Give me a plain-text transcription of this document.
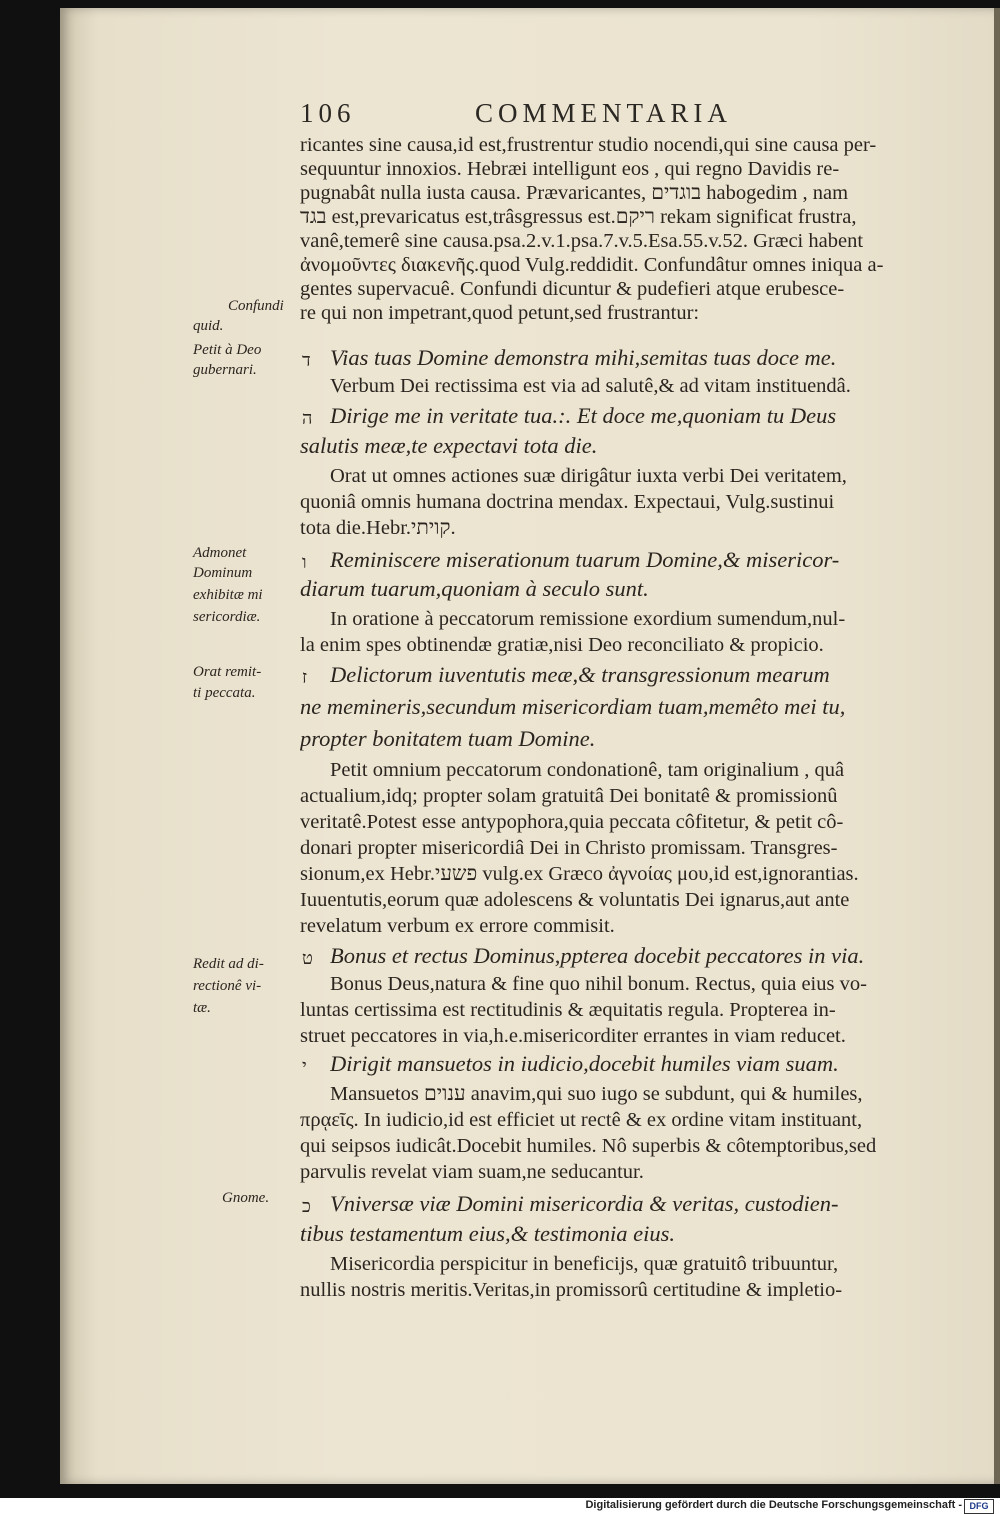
106	COMMENTARIA
ricantes sine causa,id est,frustrentur studio nocendi,qui sine causa per-
sequuntur innoxios. Hebræi intelligunt eos , qui regno Davidis re-
pugnabât nulla iusta causa. Prævaricantes, בוגדים habogedim , nam
בגד est,prevaricatus est,trâsgressus est.ריקם rekam significat frustra,
vanê,temerê sine causa.psa.2.v.1.psa.7.v.5.Esa.55.v.52. Græci habent
ἀνομοῦντες διακενῆς.quod Vulg.reddidit. Confundâtur omnes iniqua a-
gentes supervacuê. Confundi dicuntur & pudefieri atque erubesce-
re qui non impetrant,quod petunt,sed frustrantur:
Vias tuas Domine demonstra mihi,semitas tuas doce me.
Verbum Dei rectissima est via ad salutê,& ad vitam instituendâ.
Dirige me in veritate tua.:. Et doce me,quoniam tu Deus
salutis meæ,te expectavi tota die.
Orat ut omnes actiones suæ dirigâtur iuxta verbi Dei veritatem,
quoniâ omnis humana doctrina mendax. Expectaui, Vulg.sustinui
tota die.Hebr.קויתי.
Reminiscere miserationum tuarum Domine,& misericor-
diarum tuarum,quoniam à seculo sunt.
In oratione à peccatorum remissione exordium sumendum,nul-
la enim spes obtinendæ gratiæ,nisi Deo reconciliato & propicio.
Delictorum iuventutis meæ,& transgressionum mearum
ne memineris,secundum misericordiam tuam,memêto mei tu,
propter bonitatem tuam Domine.
Petit omnium peccatorum condonationê, tam originalium , quâ
actualium,idq; propter solam gratuitâ Dei bonitatê & promissionû
veritatê.Potest esse antypophora,quia peccata côfitetur, & petit cô-
donari propter misericordiâ Dei in Christo promissam. Transgres-
sionum,ex Hebr.פשעי vulg.ex Græco ἀγνοίας μου,id est,ignorantias.
Iuuentutis,eorum quæ adolescens & voluntatis Dei ignarus,aut ante
revelatum verbum ex errore commisit.
Bonus et rectus Dominus,ppterea docebit peccatores in via.
Bonus Deus,natura & fine quo nihil bonum. Rectus, quia eius vo-
luntas certissima est rectitudinis & æquitatis regula. Propterea in-
struet peccatores in via,h.e.misericorditer errantes in viam reducet.
Dirigit mansuetos in iudicio,docebit humiles viam suam.
Mansuetos ענוים anavim,qui suo iugo se subdunt, qui & humiles,
πρᾳεῖς. In iudicio,id est efficiet ut rectê & ex ordine vitam instituant,
qui seipsos iudicât.Docebit humiles. Nô superbis & côtemptoribus,sed
parvulis revelat viam suam,ne seducantur.
Vniversæ viæ Domini misericordia & veritas, custodien-
tibus testamentum eius,& testimonia eius.
Misericordia perspicitur in beneficijs, quæ gratuitô tribuuntur,
nullis nostris meritis.Veritas,in promissorû certitudine & impletio-
ד
ה
ו
ז
ט
י
כ
Confundi
quid.
Petit à Deo
gubernari.
Admonet
Dominum
exhibitæ mi
sericordiæ.
Orat remit-
ti peccata.
Redit ad di-
rectionê vi-
tæ.
Gnome.
Digitalisierung gefördert durch die Deutsche Forschungsgemeinschaft - DFG
